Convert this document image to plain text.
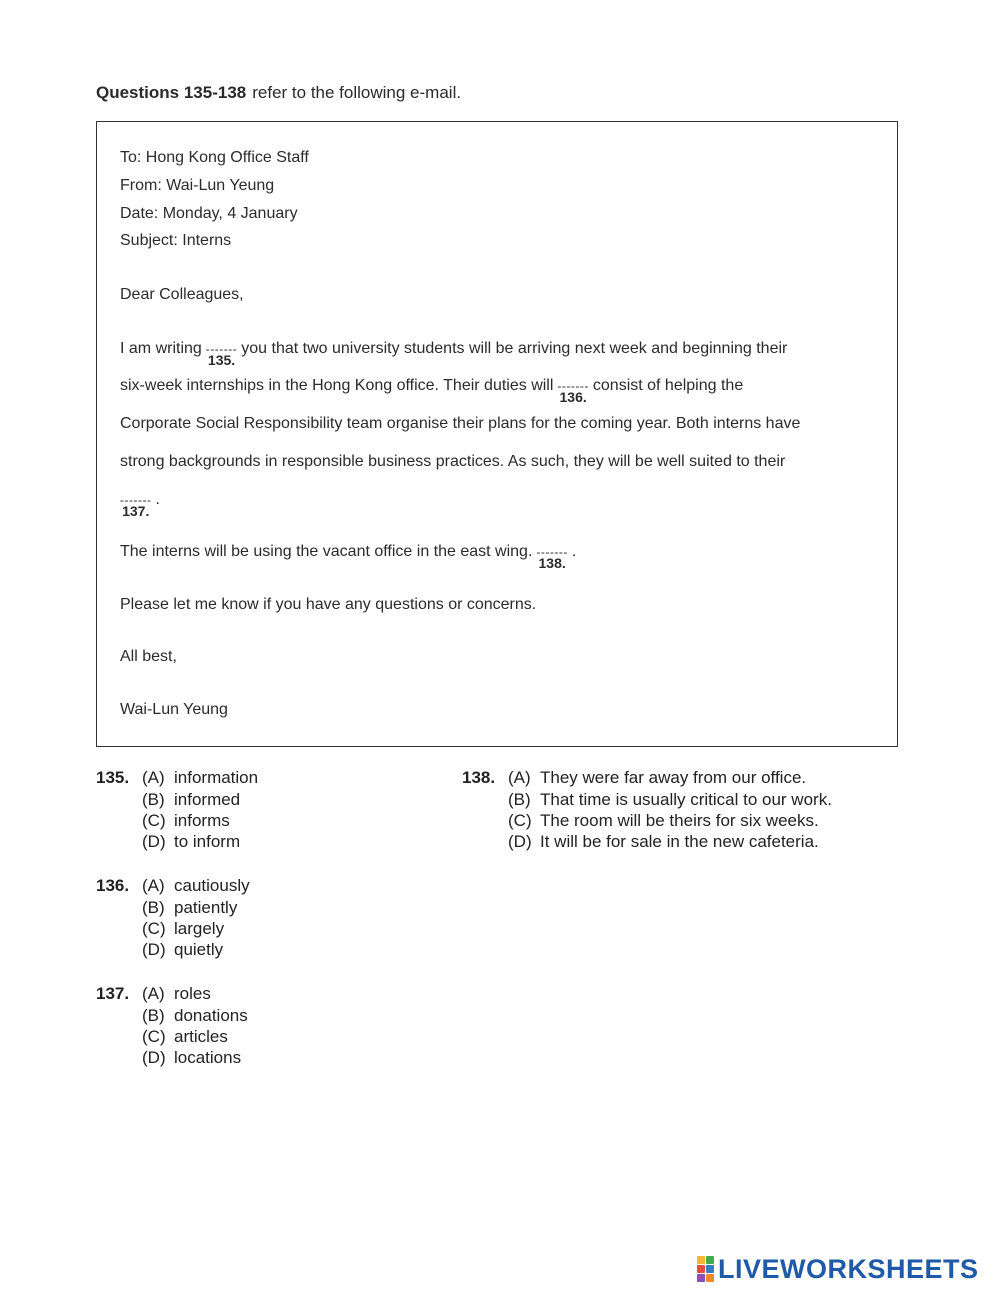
Questions 135-138 refer to the following e-mail.
To: Hong Kong Office Staff
From: Wai-Lun Yeung
Date: Monday, 4 January
Subject: Interns
Dear Colleagues,
I am writing -------
135.
you that two university students will be arriving next week and beginning their
six-week internships in the Hong Kong office. Their duties will -------
136.
consist of helping the
Corporate Social Responsibility team organise their plans for the coming year. Both interns have
strong backgrounds in responsible business practices. As such, they will be well suited to their
-------
137.
.
The interns will be using the vacant office in the east wing. -------
138.
.
Please let me know if you have any questions or concerns.
All best,
Wai-Lun Yeung
135. (A) information
(B) informed
(C) informs
(D) to inform
136. (A) cautiously
(B) patiently
(C) largely
(D) quietly
137. (A) roles
(B) donations
(C) articles
(D) locations
138. (A) They were far away from our office.
(B) That time is usually critical to our work.
(C) The room will be theirs for six weeks.
(D) It will be for sale in the new cafeteria.
LIVEWORKSHEETS
